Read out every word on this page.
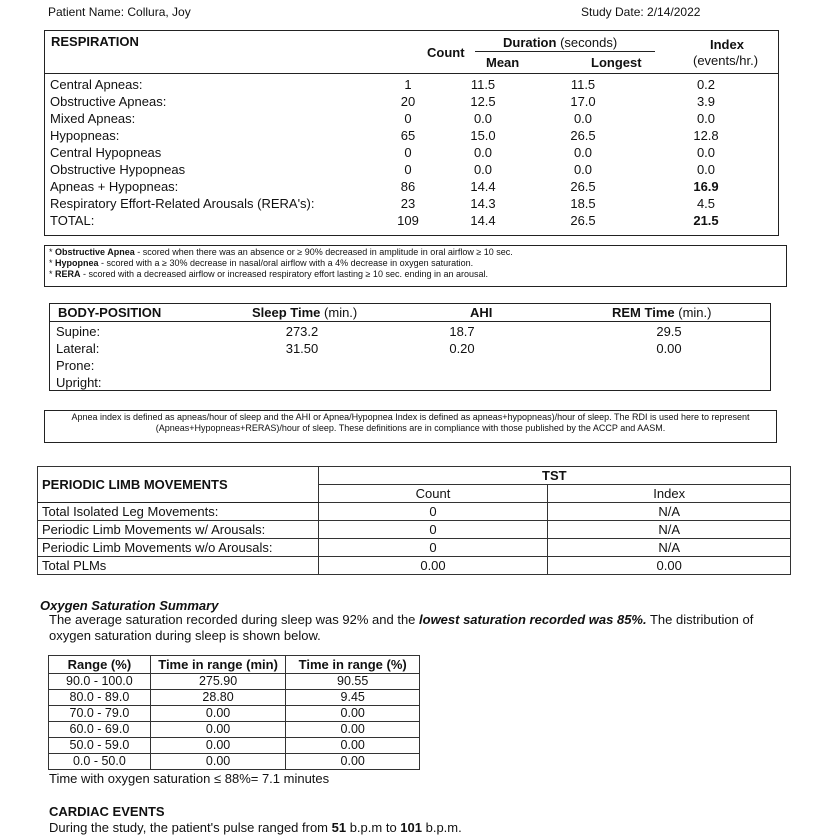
Patient Name: Collura, Joy	Study Date: 2/14/2022
RESPIRATION
Count
Duration (seconds)
Mean	Longest
Index
(events/hr.)
Central Apneas:	1	11.5	11.5	0.2
Obstructive Apneas:	20	12.5	17.0	3.9
Mixed Apneas:	0	0.0	0.0	0.0
Hypopneas:	65	15.0	26.5	12.8
Central Hypopneas	0	0.0	0.0	0.0
Obstructive Hypopneas	0	0.0	0.0	0.0
Apneas + Hypopneas:	86	14.4	26.5	16.9
Respiratory Effort-Related Arousals (RERA's):	23	14.3	18.5	4.5
TOTAL:	109	14.4	26.5	21.5
* Obstructive Apnea - scored when there was an absence or ≥ 90% decreased in amplitude in oral airflow ≥ 10 sec.
* Hypopnea - scored with a ≥ 30% decrease in nasal/oral airflow with a 4% decrease in oxygen saturation.
* RERA - scored with a decreased airflow or increased respiratory effort lasting ≥ 10 sec. ending in an arousal.
BODY-POSITION	Sleep Time (min.)	AHI	REM Time (min.)
Supine:	273.2	18.7	29.5
Lateral:	31.50	0.20	0.00
Prone:			
Upright:			
Apnea index is defined as apneas/hour of sleep and the AHI or Apnea/Hypopnea Index is defined as apneas+hypopneas)/hour of sleep. The RDI is used here to represent (Apneas+Hypopneas+RERAS)/hour of sleep. These definitions are in compliance with those published by the ACCP and AASM.
PERIODIC LIMB MOVEMENTS	TST	
	Count	Index
Total Isolated Leg Movements:	0	N/A
Periodic Limb Movements w/ Arousals:	0	N/A
Periodic Limb Movements w/o Arousals:	0	N/A
Total PLMs	0.00	0.00
Oxygen Saturation Summary
The average saturation recorded during sleep was 92% and the lowest saturation recorded was 85%. The distribution of oxygen saturation during sleep is shown below.
Range (%)	Time in range (min)	Time in range (%)
90.0 - 100.0	275.90	90.55
80.0 - 89.0	28.80	9.45
70.0 - 79.0	0.00	0.00
60.0 - 69.0	0.00	0.00
50.0 - 59.0	0.00	0.00
0.0 - 50.0	0.00	0.00
Time with oxygen saturation ≤ 88%= 7.1 minutes
CARDIAC EVENTS
During the study, the patient's pulse ranged from 51 b.p.m to 101 b.p.m.
